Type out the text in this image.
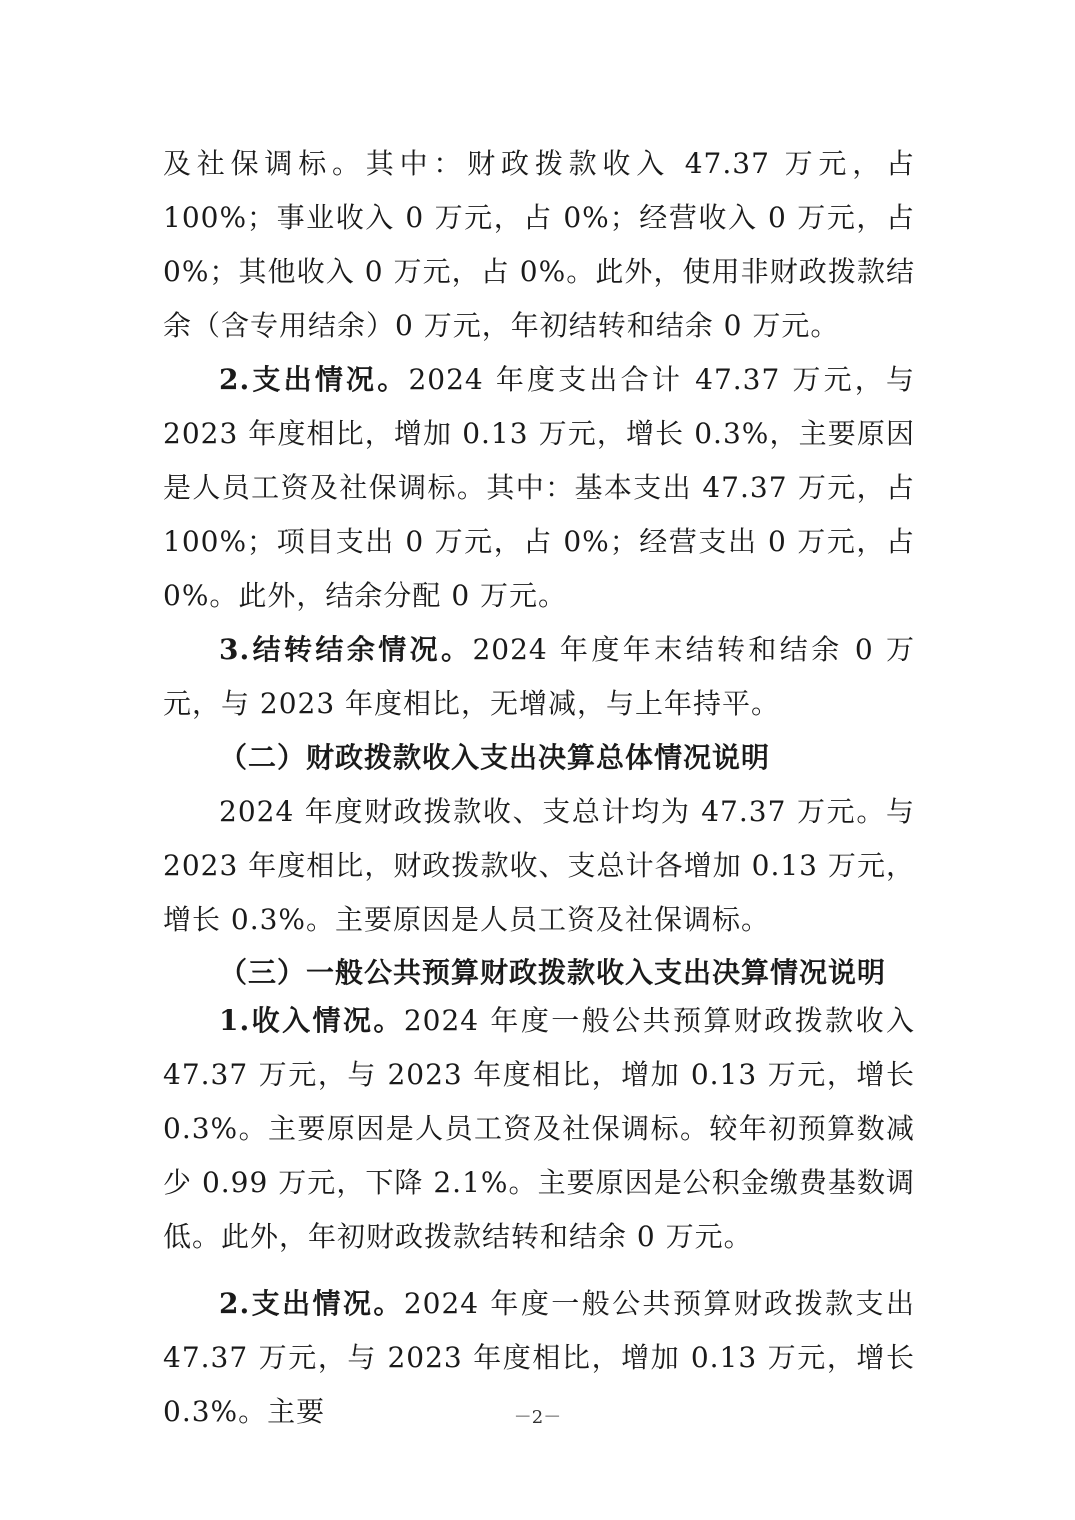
及社保调标。其中：财政拨款收入 47.37 万元，占 100%；事业收入 0 万元，占 0%；经营收入 0 万元，占 0%；其他收入 0 万元，占 0%。此外，使用非财政拨款结余（含专用结余）0 万元，年初结转和结余 0 万元。

2.支出情况。2024 年度支出合计 47.37 万元，与 2023 年度相比，增加 0.13 万元，增长 0.3%，主要原因是人员工资及社保调标。其中：基本支出 47.37 万元，占 100%；项目支出 0 万元，占 0%；经营支出 0 万元，占 0%。此外，结余分配 0 万元。

3.结转结余情况。2024 年度年末结转和结余 0 万元，与 2023 年度相比，无增减，与上年持平。

（二）财政拨款收入支出决算总体情况说明

2024 年度财政拨款收、支总计均为 47.37 万元。与 2023 年度相比，财政拨款收、支总计各增加 0.13 万元，增长 0.3%。主要原因是人员工资及社保调标。

（三）一般公共预算财政拨款收入支出决算情况说明

1.收入情况。2024 年度一般公共预算财政拨款收入 47.37 万元，与 2023 年度相比，增加 0.13 万元，增长 0.3%。主要原因是人员工资及社保调标。较年初预算数减少 0.99 万元，下降 2.1%。主要原因是公积金缴费基数调低。此外，年初财政拨款结转和结余 0 万元。

2.支出情况。2024 年度一般公共预算财政拨款支出 47.37 万元，与 2023 年度相比，增加 0.13 万元，增长 0.3%。主要	－2－
